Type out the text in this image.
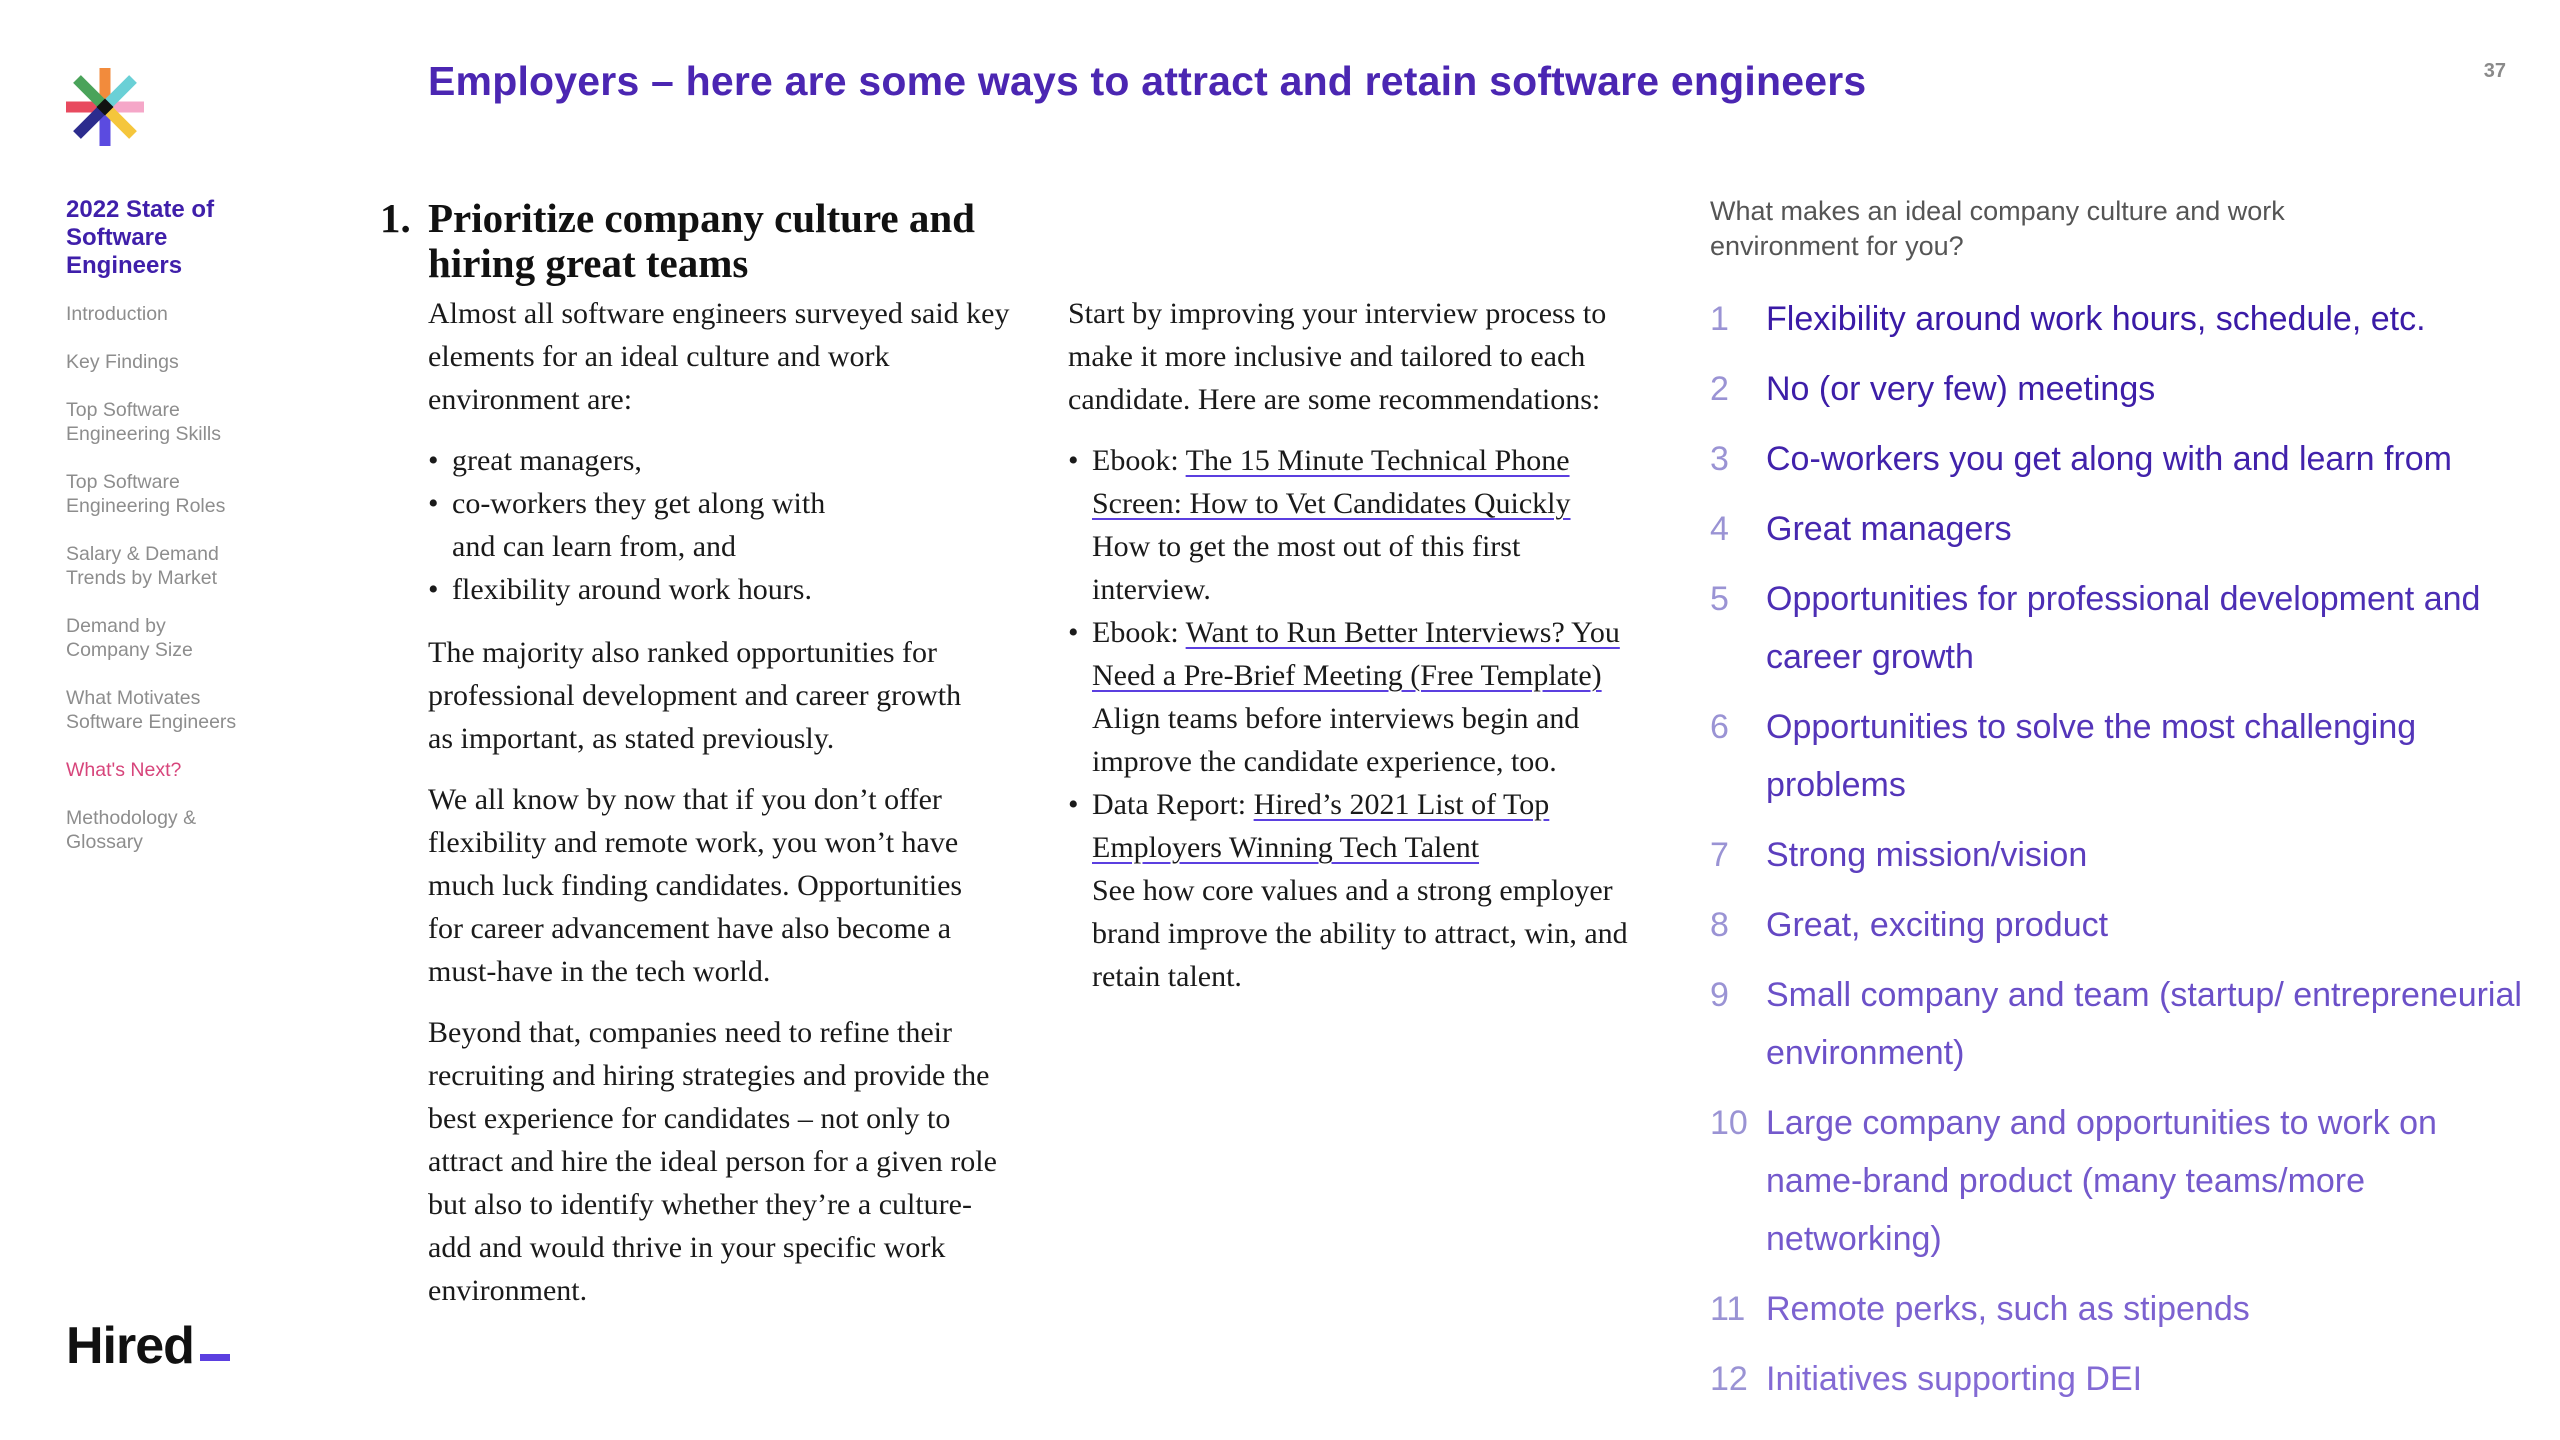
37
Employers – here are some ways to attract and retain software engineers
2022 State of Software Engineers
Introduction
Key Findings
Top Software Engineering Skills
Top Software Engineering Roles
Salary & Demand Trends by Market
Demand by Company Size
What Motivates Software Engineers
What's Next?
Methodology & Glossary
Hired
1. Prioritize company culture and hiring great teams

Almost all software engineers surveyed said key elements for an ideal culture and work environment are:

• great managers,
• co-workers they get along with and can learn from, and
• flexibility around work hours.

The majority also ranked opportunities for professional development and career growth as important, as stated previously.

We all know by now that if you don’t offer flexibility and remote work, you won’t have much luck finding candidates. Opportunities for career advancement have also become a must-have in the tech world.

Beyond that, companies need to refine their recruiting and hiring strategies and provide the best experience for candidates – not only to attract and hire the ideal person for a given role but also to identify whether they’re a culture-add and would thrive in your specific work environment.

Start by improving your interview process to make it more inclusive and tailored to each candidate. Here are some recommendations:

• Ebook: The 15 Minute Technical Phone Screen: How to Vet Candidates Quickly
How to get the most out of this first interview.
• Ebook: Want to Run Better Interviews? You Need a Pre-Brief Meeting (Free Template)
Align teams before interviews begin and improve the candidate experience, too.
• Data Report: Hired’s 2021 List of Top Employers Winning Tech Talent
See how core values and a strong employer brand improve the ability to attract, win, and retain talent.
What makes an ideal company culture and work environment for you?
1	Flexibility around work hours, schedule, etc.
2	No (or very few) meetings
3	Co-workers you get along with and learn from
4	Great managers
5	Opportunities for professional development and career growth
6	Opportunities to solve the most challenging problems
7	Strong mission/vision
8	Great, exciting product
9	Small company and team (startup/ entrepreneurial environment)
10 Large company and opportunities to work on name-brand product (many teams/more networking)
11 Remote perks, such as stipends
12 Initiatives supporting DEI
